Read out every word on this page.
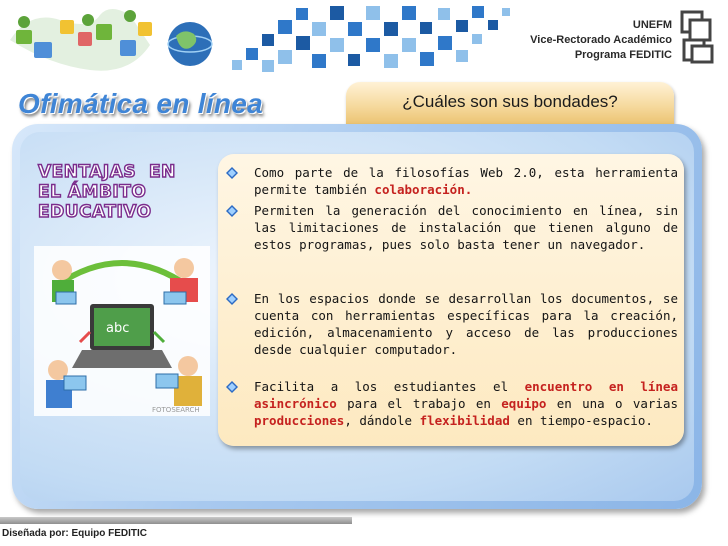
UNEFM
Vice-Rectorado Académico
Programa FEDITIC
Ofimática en línea	¿Cuáles son sus bondades?
VENTAJAS  EN
EL ÁMBITO
EDUCATIVO
abc
FOTOSEARCH
Como parte de la filosofías Web 2.0, esta herramienta permite también colaboración.
Permiten la generación del conocimiento en línea, sin las limitaciones de instalación que tienen alguno de estos programas, pues solo basta tener un navegador.
En los espacios donde se desarrollan los documentos, se cuenta con herramientas específicas para la creación, edición, almacenamiento y acceso de las producciones desde cualquier computador.
Facilita a los estudiantes el encuentro en línea asincrónico para el trabajo en equipo en una o varias producciones, dándole flexibilidad en tiempo-espacio.
Diseñada por: Equipo FEDITIC
